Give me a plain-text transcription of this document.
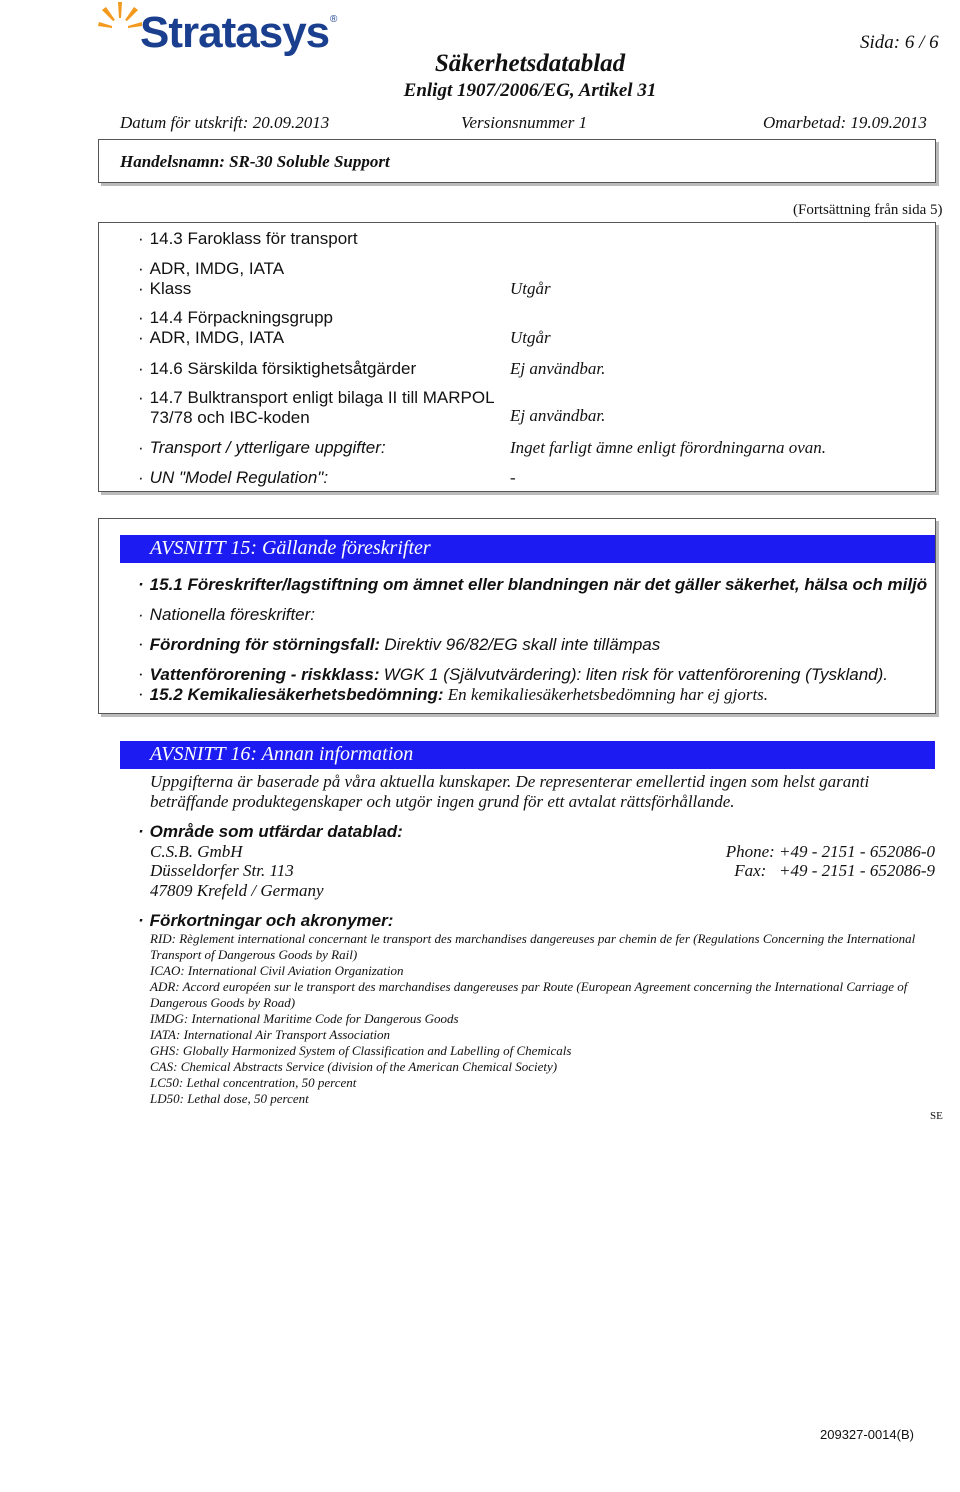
Stratasys ®
Sida: 6 / 6
Säkerhetsdatablad
Enligt 1907/2006/EG, Artikel 31
Datum för utskrift: 20.09.2013	Versionsnummer 1	Omarbetad: 19.09.2013
Handelsnamn: SR-30 Soluble Support
(Fortsättning från sida 5)
· 14.3 Faroklass för transport
· ADR, IMDG, IATA
· Klass	Utgår
· 14.4 Förpackningsgrupp
· ADR, IMDG, IATA	Utgår
· 14.6 Särskilda försiktighetsåtgärder	Ej användbar.
· 14.7 Bulktransport enligt bilaga II till MARPOL
73/78 och IBC-koden	Ej användbar.
· Transport / ytterligare uppgifter:	Inget farligt ämne enligt förordningarna ovan.
· UN "Model Regulation":	-
AVSNITT 15: Gällande föreskrifter
· 15.1 Föreskrifter/lagstiftning om ämnet eller blandningen när det gäller säkerhet, hälsa och miljö
· Nationella föreskrifter:
· Förordning för störningsfall: Direktiv 96/82/EG skall inte tillämpas
· Vattenförorening - riskklass: WGK 1 (Självutvärdering): liten risk för vattenförorening (Tyskland).
· 15.2 Kemikaliesäkerhetsbedömning: En kemikaliesäkerhetsbedömning har ej gjorts.
AVSNITT 16: Annan information
Uppgifterna är baserade på våra aktuella kunskaper. De representerar emellertid ingen som helst garanti
beträffande produktegenskaper och utgör ingen grund för ett avtalat rättsförhållande.
· Område som utfärdar datablad:
C.S.B. GmbH
Düsseldorfer Str. 113
47809 Krefeld / Germany
Phone: +49 - 2151 - 652086-0
Fax:   +49 - 2151 - 652086-9
· Förkortningar och akronymer:
RID: Règlement international concernant le transport des marchandises dangereuses par chemin de fer (Regulations Concerning the International Transport of Dangerous Goods by Rail)
ICAO: International Civil Aviation Organization
ADR: Accord européen sur le transport des marchandises dangereuses par Route (European Agreement concerning the International Carriage of Dangerous Goods by Road)
IMDG: International Maritime Code for Dangerous Goods
IATA: International Air Transport Association
GHS: Globally Harmonized System of Classification and Labelling of Chemicals
CAS: Chemical Abstracts Service (division of the American Chemical Society)
LC50: Lethal concentration, 50 percent
LD50: Lethal dose, 50 percent
SE
209327-0014(B)
